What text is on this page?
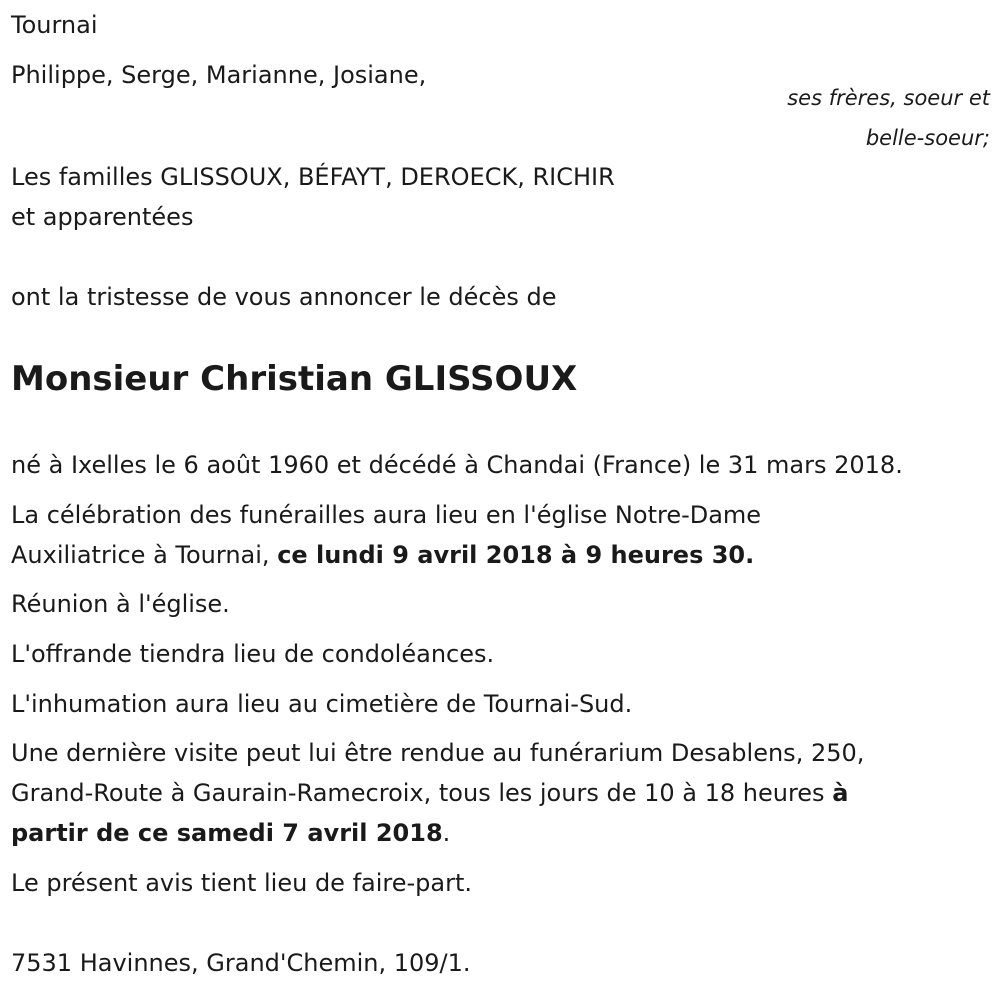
Tournai
Philippe, Serge, Marianne, Josiane,
ses frères, soeur et
belle-soeur;
Les familles GLISSOUX, BÉFAYT, DEROECK, RICHIR
et apparentées
ont la tristesse de vous annoncer le décès de
Monsieur Christian GLISSOUX
né à Ixelles le 6 août 1960 et décédé à Chandai (France) le 31 mars 2018.
La célébration des funérailles aura lieu en l'église Notre-Dame
Auxiliatrice à Tournai, ce lundi 9 avril 2018 à 9 heures 30.
Réunion à l'église.
L'offrande tiendra lieu de condoléances.
L'inhumation aura lieu au cimetière de Tournai-Sud.
Une dernière visite peut lui être rendue au funérarium Desablens, 250,
Grand-Route à Gaurain-Ramecroix, tous les jours de 10 à 18 heures à
partir de ce samedi 7 avril 2018.
Le présent avis tient lieu de faire-part.
7531 Havinnes, Grand'Chemin, 109/1.
